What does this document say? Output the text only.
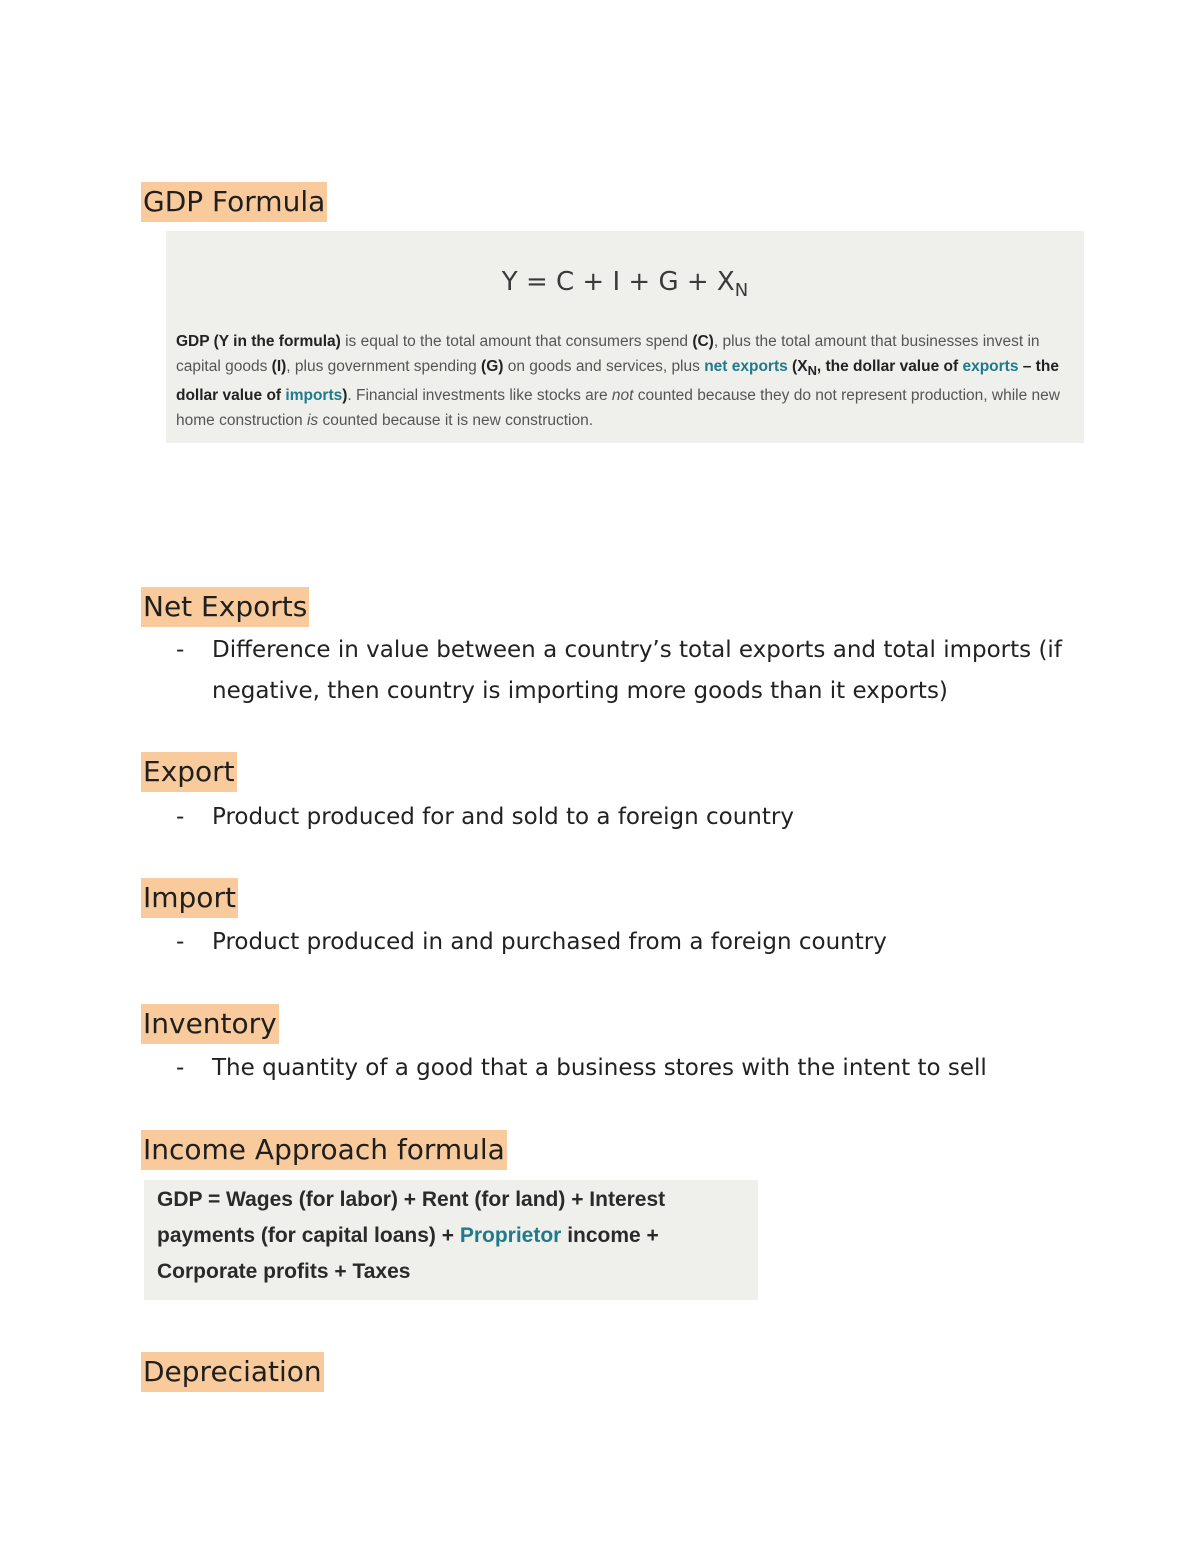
GDP Formula
$Y = C + I + G + X_N$
GDP (Y in the formula) is equal to the total amount that consumers spend (C), plus the total amount that businesses invest in capital goods (I), plus government spending (G) on goods and services, plus net exports ($X_N$, the dollar value of exports – the dollar value of imports). Financial investments like stocks are not counted because they do not represent production, while new home construction is counted because it is new construction.
Net Exports
- Difference in value between a country’s total exports and total imports (if negative, then country is importing more goods than it exports)
Export
- Product produced for and sold to a foreign country
Import
- Product produced in and purchased from a foreign country
Inventory
- The quantity of a good that a business stores with the intent to sell
Income Approach formula
GDP = Wages (for labor) + Rent (for land) + Interest payments (for capital loans) + Proprietor income + Corporate profits + Taxes
Depreciation
